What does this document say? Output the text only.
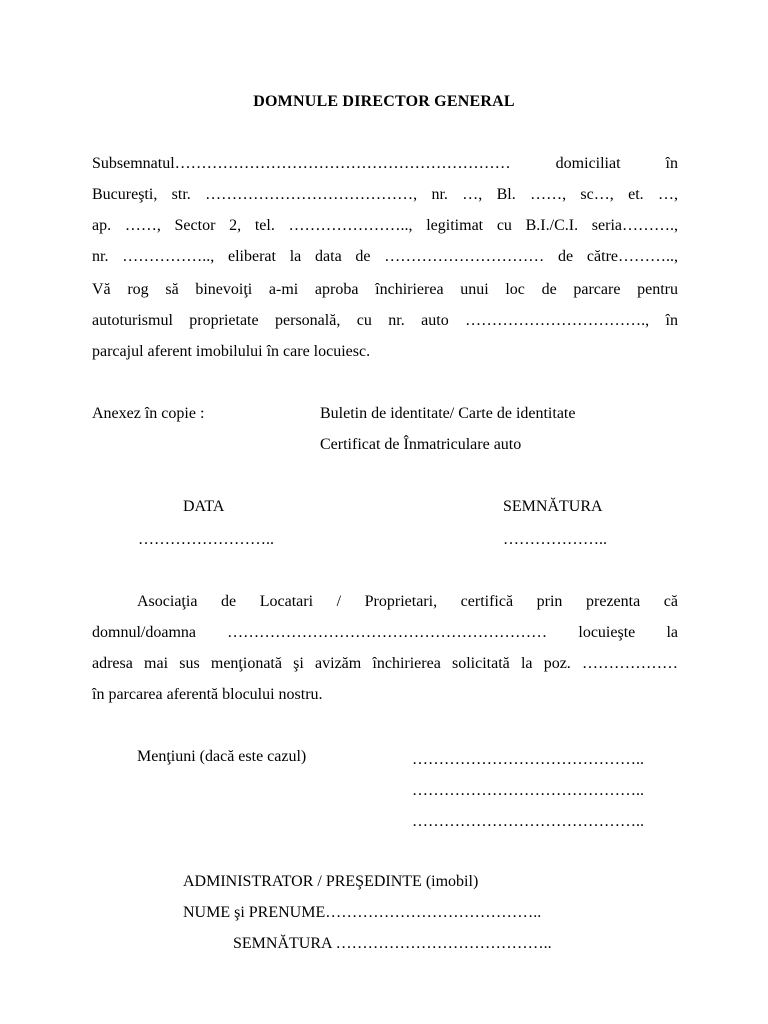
DOMNULE DIRECTOR GENERAL
Subsemnatul……………………………………………………… domiciliat în
Bucureşti, str. …………………………………, nr. …, Bl. ……, sc…, et. …,
ap. ……, Sector 2, tel. ………………….., legitimat cu B.I./C.I. seria……….,
nr. …………….., eliberat la data de ………………………… de către………..,
Vă rog să binevoiţi a-mi aproba închirierea unui loc de parcare pentru
autoturismul proprietate personală, cu nr. auto ……………………………., în
parcajul aferent imobilului în care locuiesc.
Anexez în copie :	Buletin de identitate/ Carte de identitate
Certificat de Înmatriculare auto
DATA
……………………..
SEMNĂTURA
………………..
Asociaţia de Locatari / Proprietari, certifică prin prezenta că
domnul/doamna …………………………………………………… locuieşte la
adresa mai sus menţionată şi avizăm închirierea solicitată la poz. ………………
în parcarea aferentă blocului nostru.
Menţiuni (dacă este cazul)	……………………………………..
……………………………………..
……………………………………..
ADMINISTRATOR / PREŞEDINTE (imobil)
NUME şi PRENUME…………………………………..
SEMNĂTURA …………………………………..
